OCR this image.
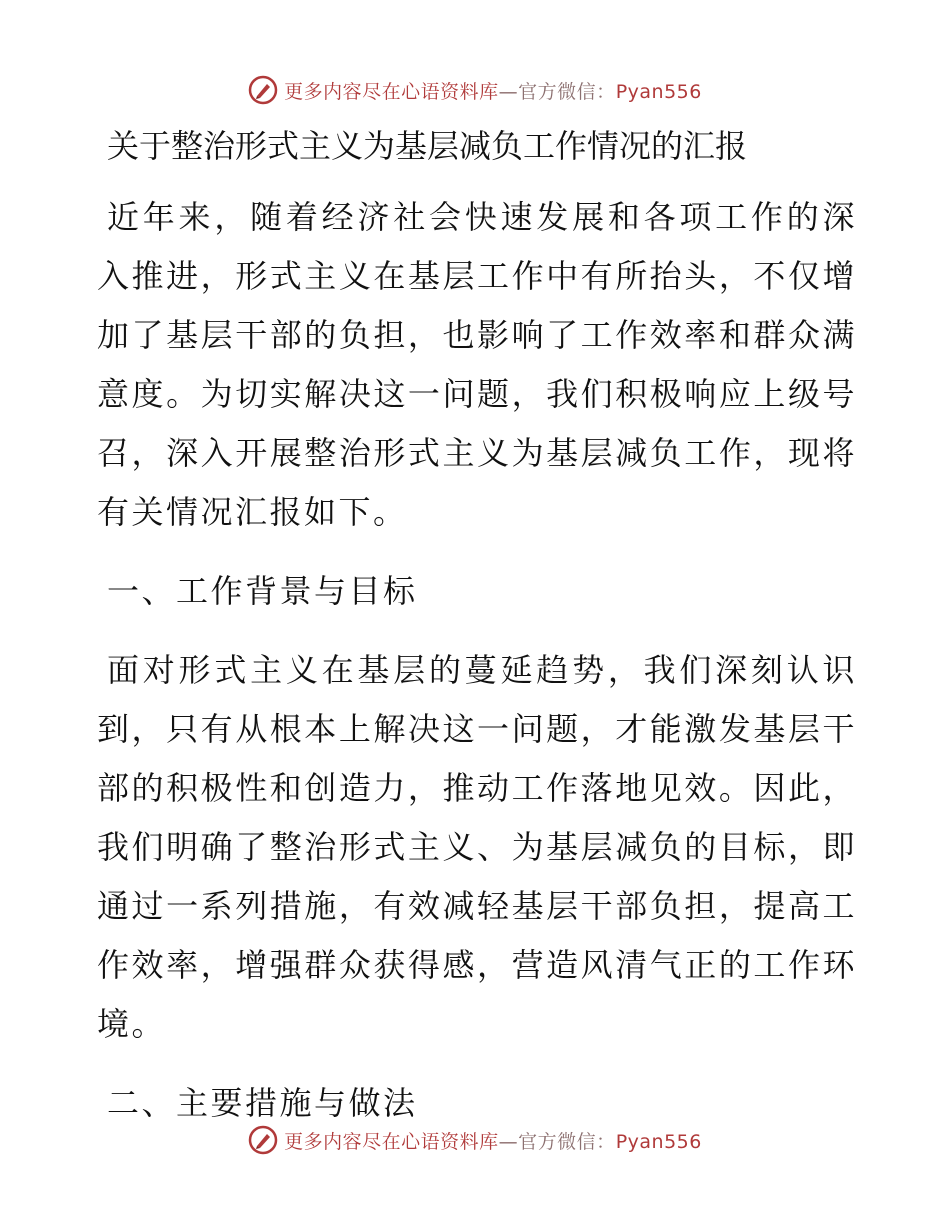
更多内容尽在心语资料库—官方微信：Pyan556
关于整治形式主义为基层减负工作情况的汇报

近年来，随着经济社会快速发展和各项工作的深入推进，形式主义在基层工作中有所抬头，不仅增加了基层干部的负担，也影响了工作效率和群众满意度。为切实解决这一问题，我们积极响应上级号召，深入开展整治形式主义为基层减负工作，现将有关情况汇报如下。

一、工作背景与目标

面对形式主义在基层的蔓延趋势，我们深刻认识到，只有从根本上解决这一问题，才能激发基层干部的积极性和创造力，推动工作落地见效。因此，我们明确了整治形式主义、为基层减负的目标，即通过一系列措施，有效减轻基层干部负担，提高工作效率，增强群众获得感，营造风清气正的工作环境。

二、主要措施与做法
更多内容尽在心语资料库—官方微信：Pyan556
